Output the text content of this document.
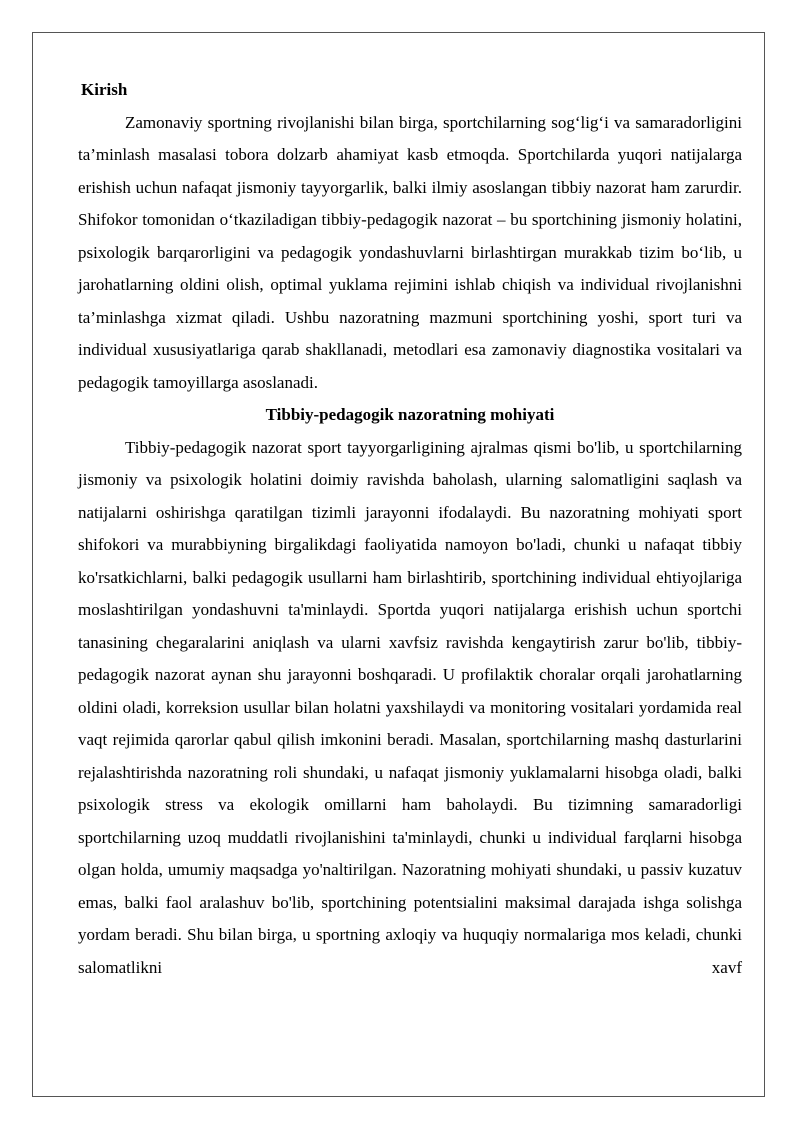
Kirish

Zamonaviy sportning rivojlanishi bilan birga, sportchilarning sog‘lig‘i va samaradorligini ta’minlash masalasi tobora dolzarb ahamiyat kasb etmoqda. Sportchilarda yuqori natijalarga erishish uchun nafaqat jismoniy tayyorgarlik, balki ilmiy asoslangan tibbiy nazorat ham zarurdir. Shifokor tomonidan o‘tkaziladigan tibbiy-pedagogik nazorat – bu sportchining jismoniy holatini, psixologik barqarorligini va pedagogik yondashuvlarni birlashtirgan murakkab tizim bo‘lib, u jarohatlarning oldini olish, optimal yuklama rejimini ishlab chiqish va individual rivojlanishni ta’minlashga xizmat qiladi. Ushbu nazoratning mazmuni sportchining yoshi, sport turi va individual xususiyatlariga qarab shakllanadi, metodlari esa zamonaviy diagnostika vositalari va pedagogik tamoyillarga asoslanadi.

Tibbiy-pedagogik nazoratning mohiyati

Tibbiy-pedagogik nazorat sport tayyorgarligining ajralmas qismi bo'lib, u sportchilarning jismoniy va psixologik holatini doimiy ravishda baholash, ularning salomatligini saqlash va natijalarni oshirishga qaratilgan tizimli jarayonni ifodalaydi. Bu nazoratning mohiyati sport shifokori va murabbiyning birgalikdagi faoliyatida namoyon bo'ladi, chunki u nafaqat tibbiy ko'rsatkichlarni, balki pedagogik usullarni ham birlashtirib, sportchining individual ehtiyojlariga moslashtirilgan yondashuvni ta'minlaydi. Sportda yuqori natijalarga erishish uchun sportchi tanasining chegaralarini aniqlash va ularni xavfsiz ravishda kengaytirish zarur bo'lib, tibbiy-pedagogik nazorat aynan shu jarayonni boshqaradi. U profilaktik choralar orqali jarohatlarning oldini oladi, korreksion usullar bilan holatni yaxshilaydi va monitoring vositalari yordamida real vaqt rejimida qarorlar qabul qilish imkonini beradi. Masalan, sportchilarning mashq dasturlarini rejalashtirishda nazoratning roli shundaki, u nafaqat jismoniy yuklamalarni hisobga oladi, balki psixologik stress va ekologik omillarni ham baholaydi. Bu tizimning samaradorligi sportchilarning uzoq muddatli rivojlanishini ta'minlaydi, chunki u individual farqlarni hisobga olgan holda, umumiy maqsadga yo'naltirilgan. Nazoratning mohiyati shundaki, u passiv kuzatuv emas, balki faol aralashuv bo'lib, sportchining potentsialini maksimal darajada ishga solishga yordam beradi. Shu bilan birga, u sportning axloqiy va huquqiy normalariga mos keladi, chunki salomatlikni xavf
